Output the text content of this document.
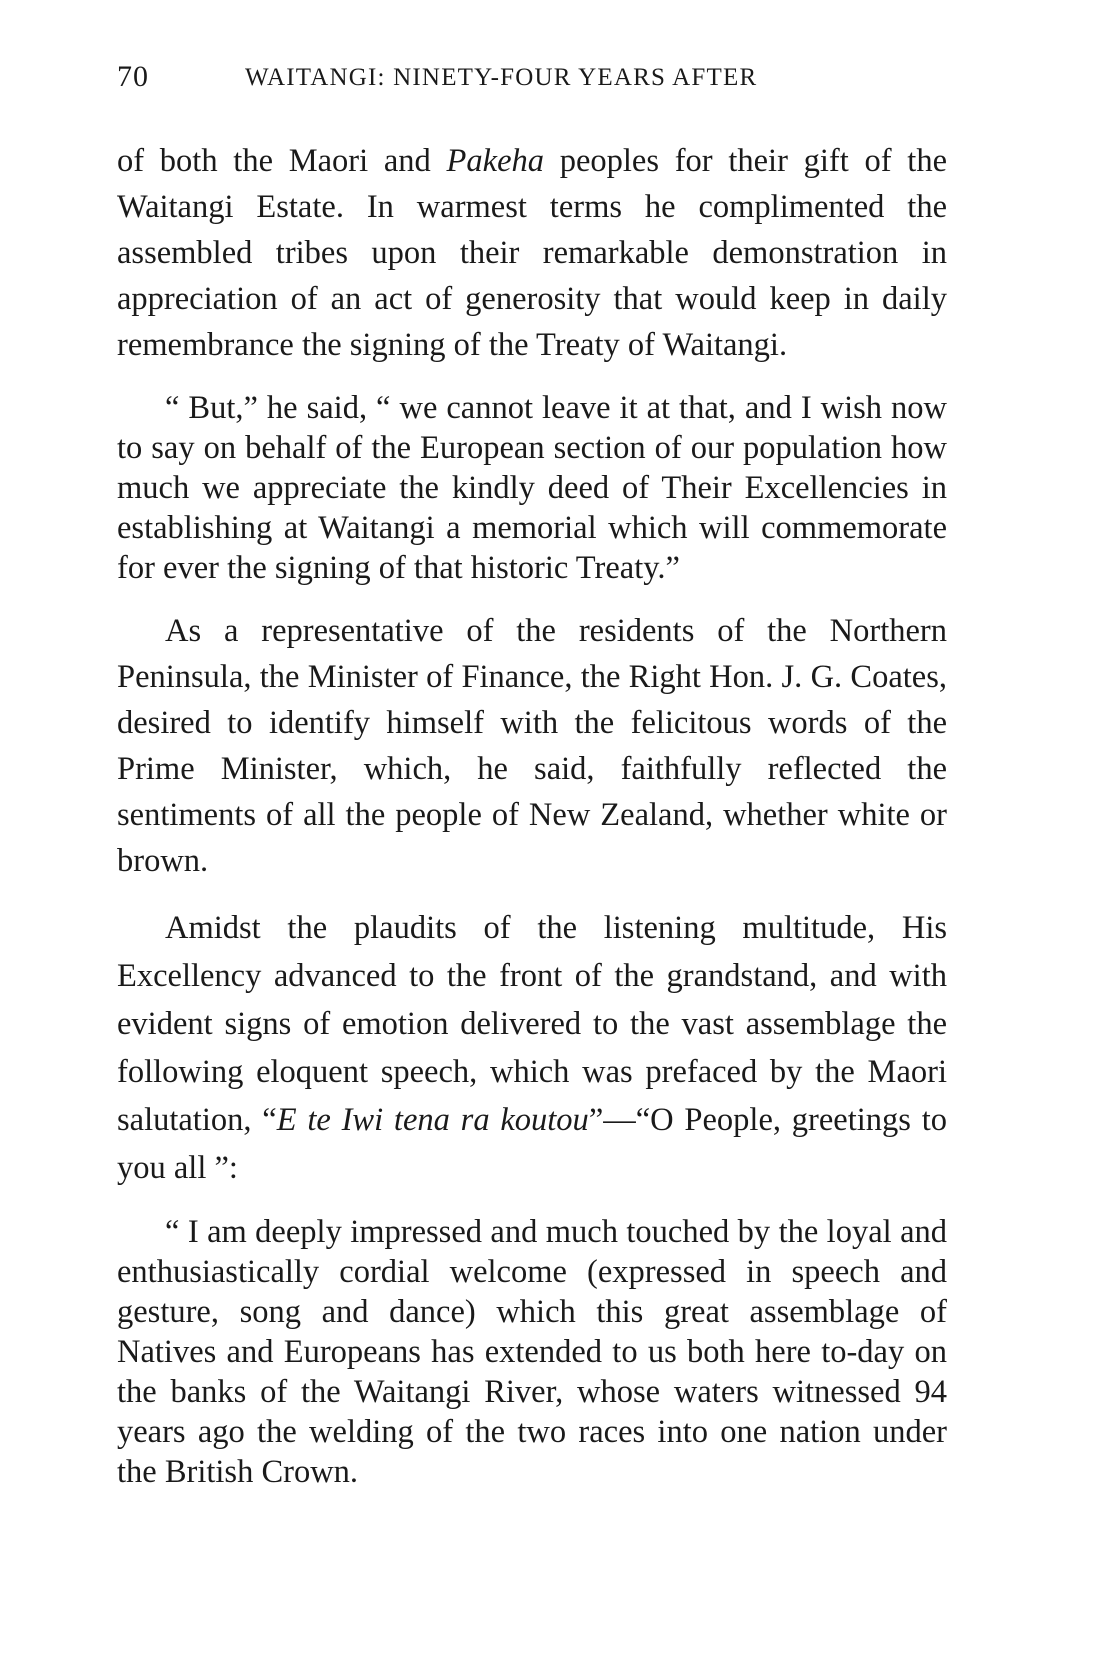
70	WAITANGI: NINETY-FOUR YEARS AFTER

of both the Maori and Pakeha peoples for their gift of the Waitangi Estate. In warmest terms he complimented the assembled tribes upon their remarkable demonstration in appreciation of an act of generosity that would keep in daily remembrance the signing of the Treaty of Waitangi.

“ But,” he said, “ we cannot leave it at that, and I wish now to say on behalf of the European section of our population how much we appreciate the kindly deed of Their Excellencies in establishing at Waitangi a memorial which will commemorate for ever the signing of that historic Treaty.”

As a representative of the residents of the Northern Peninsula, the Minister of Finance, the Right Hon. J. G. Coates, desired to identify himself with the felicitous words of the Prime Minister, which, he said, faithfully reflected the sentiments of all the people of New Zealand, whether white or brown.

Amidst the plaudits of the listening multitude, His Excellency advanced to the front of the grandstand, and with evident signs of emotion delivered to the vast assemblage the following eloquent speech, which was prefaced by the Maori salutation, “E te Iwi tena ra koutou”—“O People, greetings to you all ”:

“ I am deeply impressed and much touched by the loyal and enthusiastically cordial welcome (expressed in speech and gesture, song and dance) which this great assemblage of Natives and Europeans has extended to us both here to-day on the banks of the Waitangi River, whose waters witnessed 94 years ago the welding of the two races into one nation under the British Crown.
